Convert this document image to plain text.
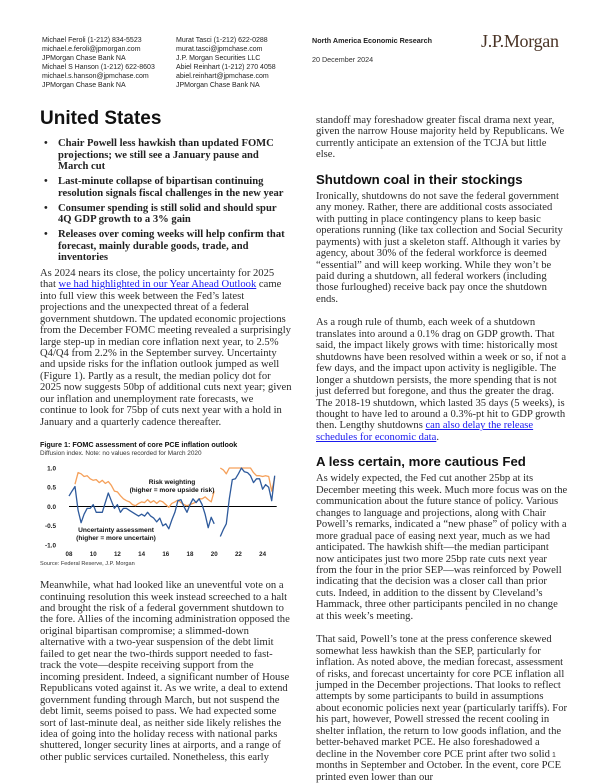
Michael Feroli (1-212) 834-5523
michael.e.feroli@jpmorgan.com
JPMorgan Chase Bank NA
Michael S Hanson (1-212) 622-8603
michael.s.hanson@jpmchase.com
JPMorgan Chase Bank NA
Murat Tasci (1-212) 622-0288
murat.tasci@jpmchase.com
J.P. Morgan Securities LLC
Abiel Reinhart (1-212) 270 4058
abiel.reinhart@jpmchase.com
JPMorgan Chase Bank NA
North America Economic Research
20 December 2024
J.P.Morgan
United States
• Chair Powell less hawkish than updated FOMC projections; we still see a January pause and March cut
• Last-minute collapse of bipartisan continuing resolution signals fiscal challenges in the new year
• Consumer spending is still solid and should spur 4Q GDP growth to a 3% gain
• Releases over coming weeks will help confirm that forecast, mainly durable goods, trade, and inventories
As 2024 nears its close, the policy uncertainty for 2025 that we had highlighted in our Year Ahead Outlook came into full view this week between the Fed’s latest projections and the unexpected threat of a federal government shutdown. The updated economic projections from the December FOMC meeting revealed a surprisingly large step-up in median core inflation next year, to 2.5% Q4/Q4 from 2.2% in the September survey. Uncertainty and upside risks for the inflation outlook jumped as well (Figure 1). Partly as a result, the median policy dot for 2025 now suggests 50bp of additional cuts next year; given our inflation and unemployment rate forecasts, we continue to look for 75bp of cuts next year with a hold in January and a quarterly cadence thereafter.
Figure 1: FOMC assessment of core PCE inflation outlook
Diffusion index. Note: no values recorded for March 2020
1.0
0.5
0.0
-0.5
-1.0
08	10	12	14	16	18	20	22	24
Risk weighting
(higher = more upside risk)
Uncertainty assessment
(higher = more uncertain)
Source: Federal Reserve, J.P. Morgan
Meanwhile, what had looked like an uneventful vote on a continuing resolution this week instead screeched to a halt and brought the risk of a federal government shutdown to the fore. Allies of the incoming administration opposed the original bipartisan compromise; a slimmed-down alternative with a two-year suspension of the debt limit failed to get near the two-thirds support needed to fast-track the vote—despite receiving support from the incoming president. Indeed, a significant number of House Republicans voted against it. As we write, a deal to extend government funding through March, but not suspend the debt limit, seems poised to pass. We had expected some sort of last-minute deal, as neither side likely relishes the idea of going into the holiday recess with national parks shuttered, longer security lines at airports, and a range of other public services curtailed. Nonetheless, this early
standoff may foreshadow greater fiscal drama next year, given the narrow House majority held by Republicans. We currently anticipate an extension of the TCJA but little else.
Shutdown coal in their stockings
Ironically, shutdowns do not save the federal government any money. Rather, there are additional costs associated with putting in place contingency plans to keep basic operations running (like tax collection and Social Security payments) with just a skeleton staff. Although it varies by agency, about 30% of the federal workforce is deemed “essential” and will keep working. While they won’t be paid during a shutdown, all federal workers (including those furloughed) receive back pay once the shutdown ends.
As a rough rule of thumb, each week of a shutdown translates into around a 0.1% drag on GDP growth. That said, the impact likely grows with time: historically most shutdowns have been resolved within a week or so, if not a few days, and the impact upon activity is negligible. The longer a shutdown persists, the more spending that is not just deferred but foregone, and thus the greater the drag. The 2018-19 shutdown, which lasted 35 days (5 weeks), is thought to have led to around a 0.3%-pt hit to GDP growth then. Lengthy shutdowns can also delay the release schedules for economic data.
A less certain, more cautious Fed
As widely expected, the Fed cut another 25bp at its December meeting this week. Much more focus was on the communication about the future stance of policy. Various changes to language and projections, along with Chair Powell’s remarks, indicated a “new phase” of policy with a more gradual pace of easing next year, much as we had anticipated. The hawkish shift—the median participant now anticipates just two more 25bp rate cuts next year from the four in the prior SEP—was reinforced by Powell indicating that the decision was a closer call than prior cuts. Indeed, in addition to the dissent by Cleveland’s Hammack, three other participants penciled in no change at this week’s meeting.
That said, Powell’s tone at the press conference skewed somewhat less hawkish than the SEP, particularly for inflation. As noted above, the median forecast, assessment of risks, and forecast uncertainty for core PCE inflation all jumped in the December projections. That looks to reflect attempts by some participants to build in assumptions about economic policies next year (particularly tariffs). For his part, however, Powell stressed the recent cooling in shelter inflation, the return to low goods inflation, and the better-behaved market PCE. He also foreshadowed a decline in the November core PCE print after two solid months in September and October. In the event, core PCE printed even lower than our
1
